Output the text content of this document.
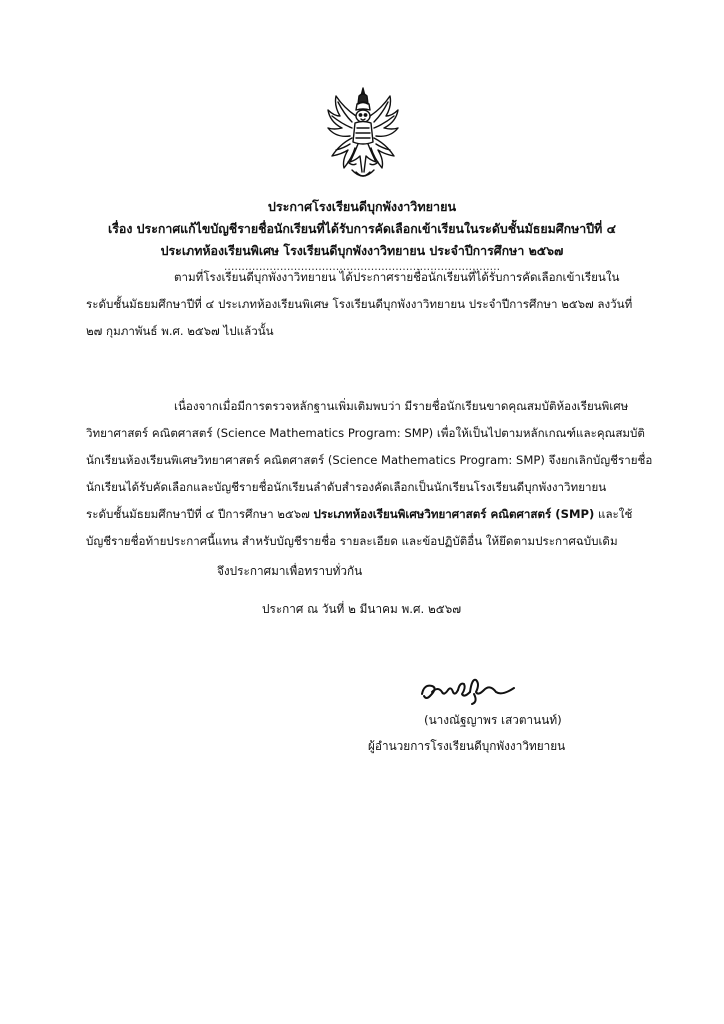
ประกาศโรงเรียนดีบุกพังงาวิทยายน

เรื่อง ประกาศแก้ไขบัญชีรายชื่อนักเรียนที่ได้รับการคัดเลือกเข้าเรียนในระดับชั้นมัธยมศึกษาปีที่ ๔

ประเภทห้องเรียนพิเศษ โรงเรียนดีบุกพังงาวิทยายน ประจำปีการศึกษา ๒๕๖๗

...............................................................................
ตามที่โรงเรียนดีบุกพังงาวิทยายน ได้ประกาศรายชื่อนักเรียนที่ได้รับการคัดเลือกเข้าเรียนใน
ระดับชั้นมัธยมศึกษาปีที่ ๔ ประเภทห้องเรียนพิเศษ โรงเรียนดีบุกพังงาวิทยายน ประจำปีการศึกษา ๒๕๖๗ ลงวันที่
๒๗ กุมภาพันธ์ พ.ศ. ๒๕๖๗ ไปแล้วนั้น
เนื่องจากเมื่อมีการตรวจหลักฐานเพิ่มเติมพบว่า มีรายชื่อนักเรียนขาดคุณสมบัติห้องเรียนพิเศษ
วิทยาศาสตร์ คณิตศาสตร์ (Science Mathematics Program: SMP) เพื่อให้เป็นไปตามหลักเกณฑ์และคุณสมบัติ
นักเรียนห้องเรียนพิเศษวิทยาศาสตร์ คณิตศาสตร์ (Science Mathematics Program: SMP) จึงยกเลิกบัญชีรายชื่อ
นักเรียนได้รับคัดเลือกและบัญชีรายชื่อนักเรียนลำดับสำรองคัดเลือกเป็นนักเรียนโรงเรียนดีบุกพังงาวิทยายน
ระดับชั้นมัธยมศึกษาปีที่ ๔ ปีการศึกษา ๒๕๖๗ ประเภทห้องเรียนพิเศษวิทยาศาสตร์ คณิตศาสตร์ (SMP) และใช้
บัญชีรายชื่อท้ายประกาศนี้แทน สำหรับบัญชีรายชื่อ รายละเอียด และข้อปฏิบัติอื่น ให้ยึดตามประกาศฉบับเดิม
จึงประกาศมาเพื่อทราบทั่วกัน
ประกาศ ณ วันที่ ๒ มีนาคม พ.ศ. ๒๕๖๗
(นางณัฐญาพร เสวตานนท์)
ผู้อำนวยการโรงเรียนดีบุกพังงาวิทยายน
